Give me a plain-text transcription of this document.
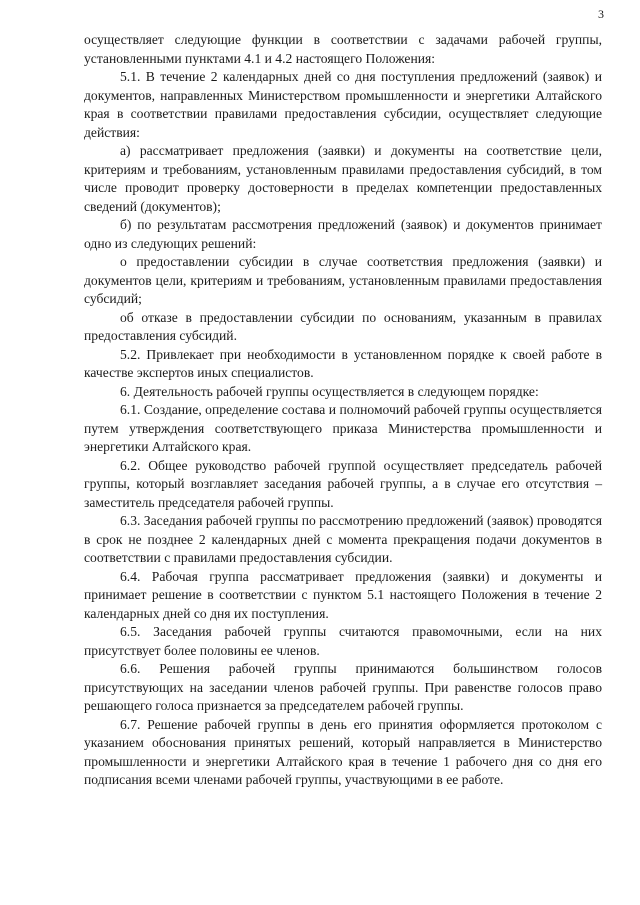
3

осуществляет следующие функции в соответствии с задачами рабочей группы, установленными пунктами 4.1 и 4.2 настоящего Положения:

5.1. В течение 2 календарных дней со дня поступления предложений (заявок) и документов, направленных Министерством промышленности и энергетики Алтайского края в соответствии правилами предоставления субсидии, осуществляет следующие действия:

а) рассматривает предложения (заявки) и документы на соответствие цели, критериям и требованиям, установленным правилами предоставления субсидий, в том числе проводит проверку достоверности в пределах компетенции предоставленных сведений (документов);

б) по результатам рассмотрения предложений (заявок) и документов принимает одно из следующих решений:

о предоставлении субсидии в случае соответствия предложения (заявки) и документов цели, критериям и требованиям, установленным правилами предоставления субсидий;

об отказе в предоставлении субсидии по основаниям, указанным в правилах предоставления субсидий.

5.2. Привлекает при необходимости в установленном порядке к своей работе в качестве экспертов иных специалистов.

6. Деятельность рабочей группы осуществляется в следующем порядке:

6.1. Создание, определение состава и полномочий рабочей группы осуществляется путем утверждения соответствующего приказа Министерства промышленности и энергетики Алтайского края.

6.2. Общее руководство рабочей группой осуществляет председатель рабочей группы, который возглавляет заседания рабочей группы, а в случае его отсутствия – заместитель председателя рабочей группы.

6.3. Заседания рабочей группы по рассмотрению предложений (заявок) проводятся в срок не позднее 2 календарных дней с момента прекращения подачи документов в соответствии с правилами предоставления субсидии.

6.4. Рабочая группа рассматривает предложения (заявки) и документы и принимает решение в соответствии с пунктом 5.1 настоящего Положения в течение 2 календарных дней со дня их поступления.

6.5. Заседания рабочей группы считаются правомочными, если на них присутствует более половины ее членов.

6.6. Решения рабочей группы принимаются большинством голосов присутствующих на заседании членов рабочей группы. При равенстве голосов право решающего голоса признается за председателем рабочей группы.

6.7. Решение рабочей группы в день его принятия оформляется протоколом с указанием обоснования принятых решений, который направляется в Министерство промышленности и энергетики Алтайского края в течение 1 рабочего дня со дня его подписания всеми членами рабочей группы, участвующими в ее работе.
